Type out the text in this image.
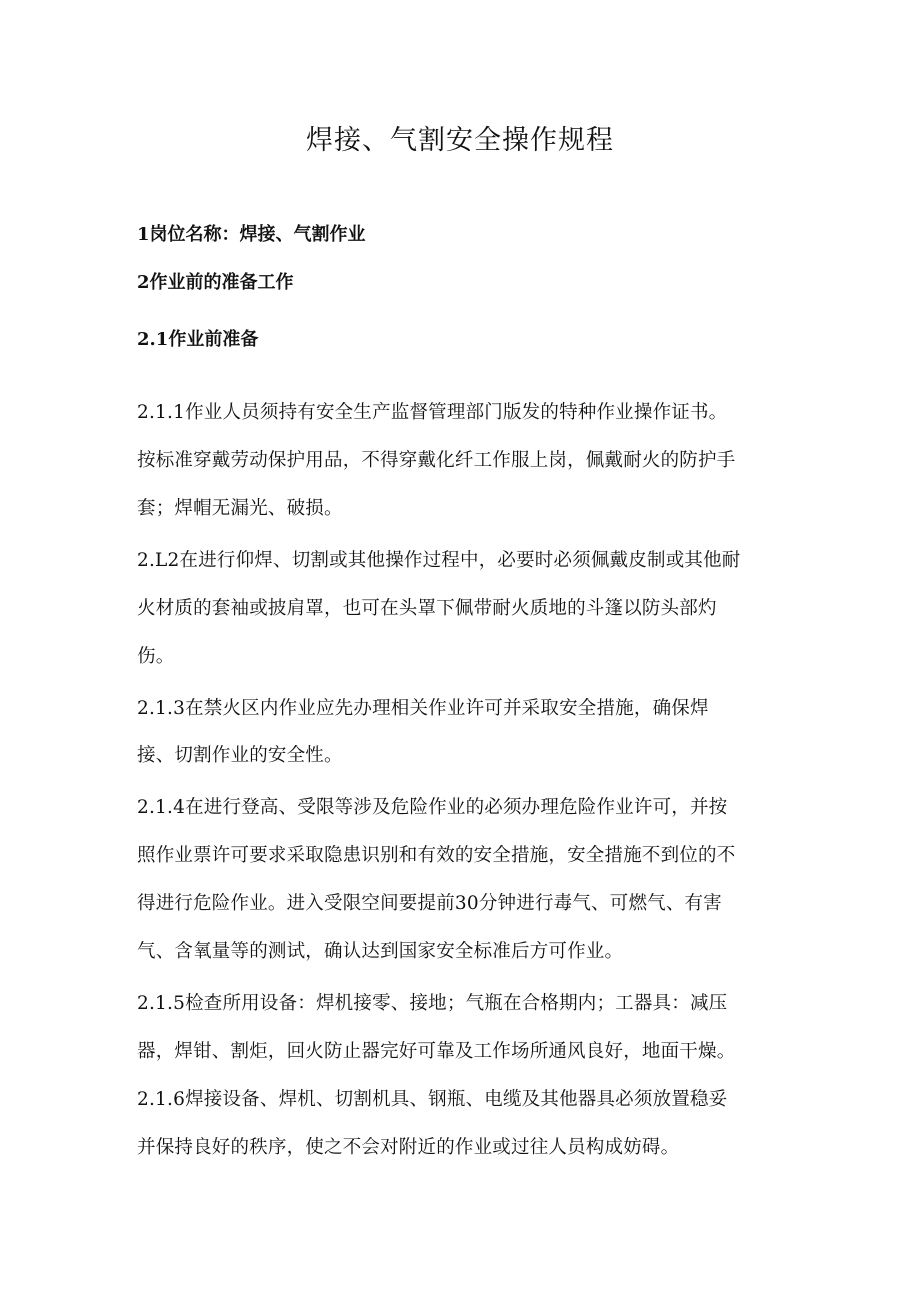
焊接、气割安全操作规程

1岗位名称：焊接、气割作业

2作业前的准备工作

2.1作业前准备

2.1.1作业人员须持有安全生产监督管理部门版发的特种作业操作证书。

按标准穿戴劳动保护用品，不得穿戴化纤工作服上岗，佩戴耐火的防护手

套；焊帽无漏光、破损。

2.L2在进行仰焊、切割或其他操作过程中，必要时必须佩戴皮制或其他耐

火材质的套袖或披肩罩，也可在头罩下佩带耐火质地的斗篷以防头部灼

伤。

2.1.3在禁火区内作业应先办理相关作业许可并采取安全措施，确保焊

接、切割作业的安全性。

2.1.4在进行登高、受限等涉及危险作业的必须办理危险作业许可，并按

照作业票许可要求采取隐患识别和有效的安全措施，安全措施不到位的不

得进行危险作业。进入受限空间要提前30分钟进行毒气、可燃气、有害

气、含氧量等的测试，确认达到国家安全标准后方可作业。

2.1.5检查所用设备：焊机接零、接地；气瓶在合格期内；工器具：减压

器，焊钳、割炬，回火防止器完好可靠及工作场所通风良好，地面干燥。

2.1.6焊接设备、焊机、切割机具、钢瓶、电缆及其他器具必须放置稳妥

并保持良好的秩序，使之不会对附近的作业或过往人员构成妨碍。
